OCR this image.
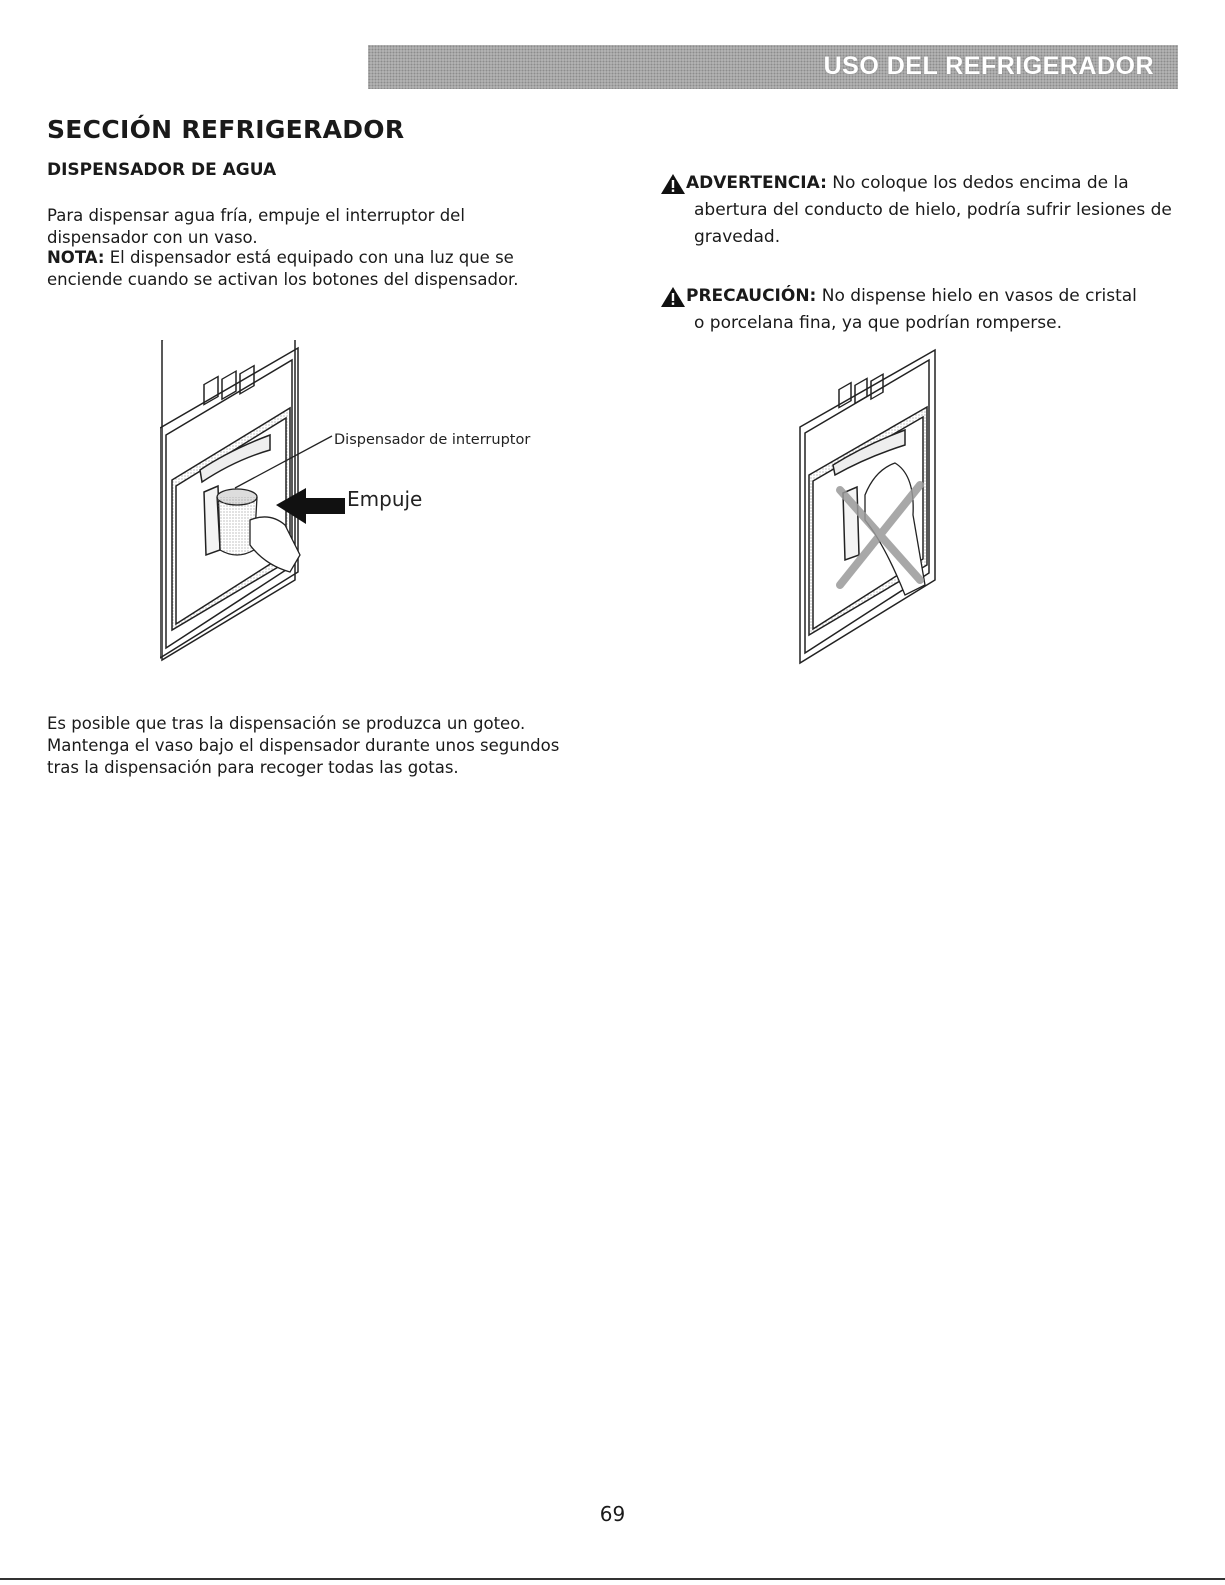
USO DEL REFRIGERADOR
SECCIÓN REFRIGERADOR
DISPENSADOR DE AGUA

Para dispensar agua fría, empuje el interruptor del dispensador con un vaso.

NOTA: El dispensador está equipado con una luz que se enciende cuando se activan los botones del dispensador.

Dispensador de interruptor
Empuje

Es posible que tras la dispensación se produzca un goteo. Mantenga el vaso bajo el dispensador durante unos segundos tras la dispensación para recoger todas las gotas.

ADVERTENCIA: No coloque los dedos encima de la
abertura del conducto de hielo, podría sufrir lesiones de gravedad.
PRECAUCIÓN: No dispense hielo en vasos de cristal
o porcelana fina, ya que podrían romperse.
69
